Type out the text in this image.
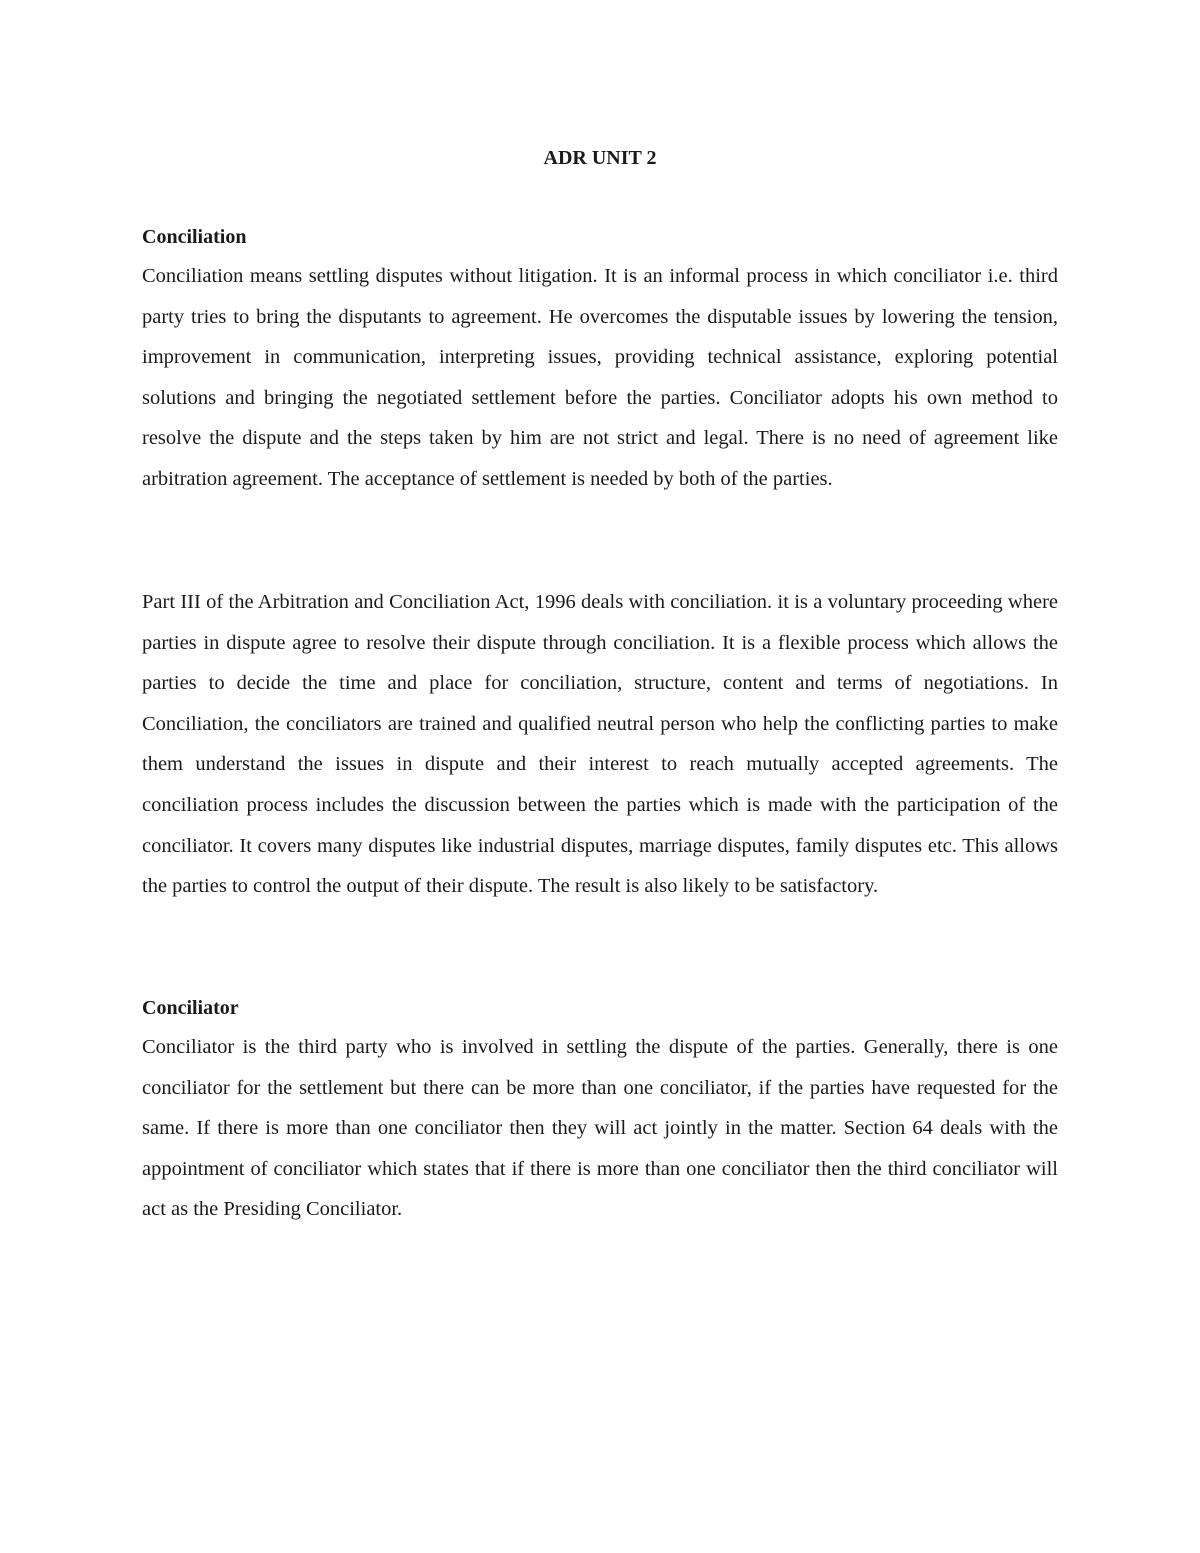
ADR UNIT 2
Conciliation

Conciliation means settling disputes without litigation. It is an informal process in which conciliator i.e. third party tries to bring the disputants to agreement. He overcomes the disputable issues by lowering the tension, improvement in communication, interpreting issues, providing technical assistance, exploring potential solutions and bringing the negotiated settlement before the parties. Conciliator adopts his own method to resolve the dispute and the steps taken by him are not strict and legal. There is no need of agreement like arbitration agreement. The acceptance of settlement is needed by both of the parties.

Part III of the Arbitration and Conciliation Act, 1996 deals with conciliation. it is a voluntary proceeding where parties in dispute agree to resolve their dispute through conciliation. It is a flexible process which allows the parties to decide the time and place for conciliation, structure, content and terms of negotiations. In Conciliation, the conciliators are trained and qualified neutral person who help the conflicting parties to make them understand the issues in dispute and their interest to reach mutually accepted agreements. The conciliation process includes the discussion between the parties which is made with the participation of the conciliator. It covers many disputes like industrial disputes, marriage disputes, family disputes etc. This allows the parties to control the output of their dispute. The result is also likely to be satisfactory.

Conciliator

Conciliator is the third party who is involved in settling the dispute of the parties. Generally, there is one conciliator for the settlement but there can be more than one conciliator, if the parties have requested for the same. If there is more than one conciliator then they will act jointly in the matter. Section 64 deals with the appointment of conciliator which states that if there is more than one conciliator then the third conciliator will act as the Presiding Conciliator.
